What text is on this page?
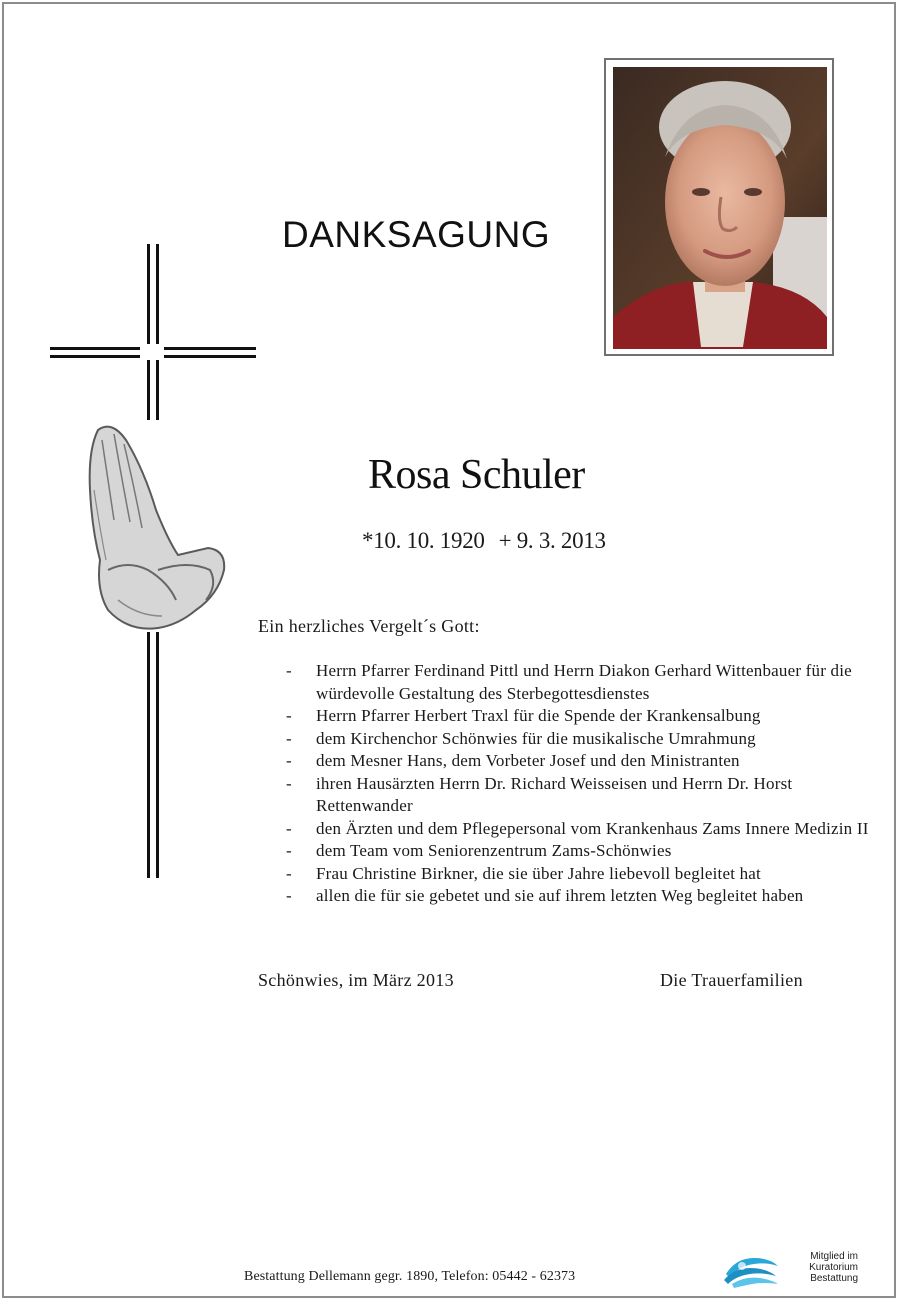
DANKSAGUNG
Rosa Schuler
*10. 10. 1920 + 9. 3. 2013
Ein herzliches Vergelt´s Gott:
- Herrn Pfarrer Ferdinand Pittl und Herrn Diakon Gerhard Wittenbauer für die würdevolle Gestaltung des Sterbegottesdienstes
- Herrn Pfarrer Herbert Traxl für die Spende der Krankensalbung
- dem Kirchenchor Schönwies für die musikalische Umrahmung
- dem Mesner Hans, dem Vorbeter Josef und den Ministranten
- ihren Hausärzten Herrn Dr. Richard Weisseisen und Herrn Dr. Horst Rettenwander
- den Ärzten und dem Pflegepersonal vom Krankenhaus Zams Innere Medizin II
- dem Team vom Seniorenzentrum Zams-Schönwies
- Frau Christine Birkner, die sie über Jahre liebevoll begleitet hat
- allen die für sie gebetet und sie auf ihrem letzten Weg begleitet haben
Schönwies, im März 2013	Die Trauerfamilien
Bestattung Dellemann gegr. 1890, Telefon: 05442 - 62373
Mitglied im
Kuratorium Bestattung
